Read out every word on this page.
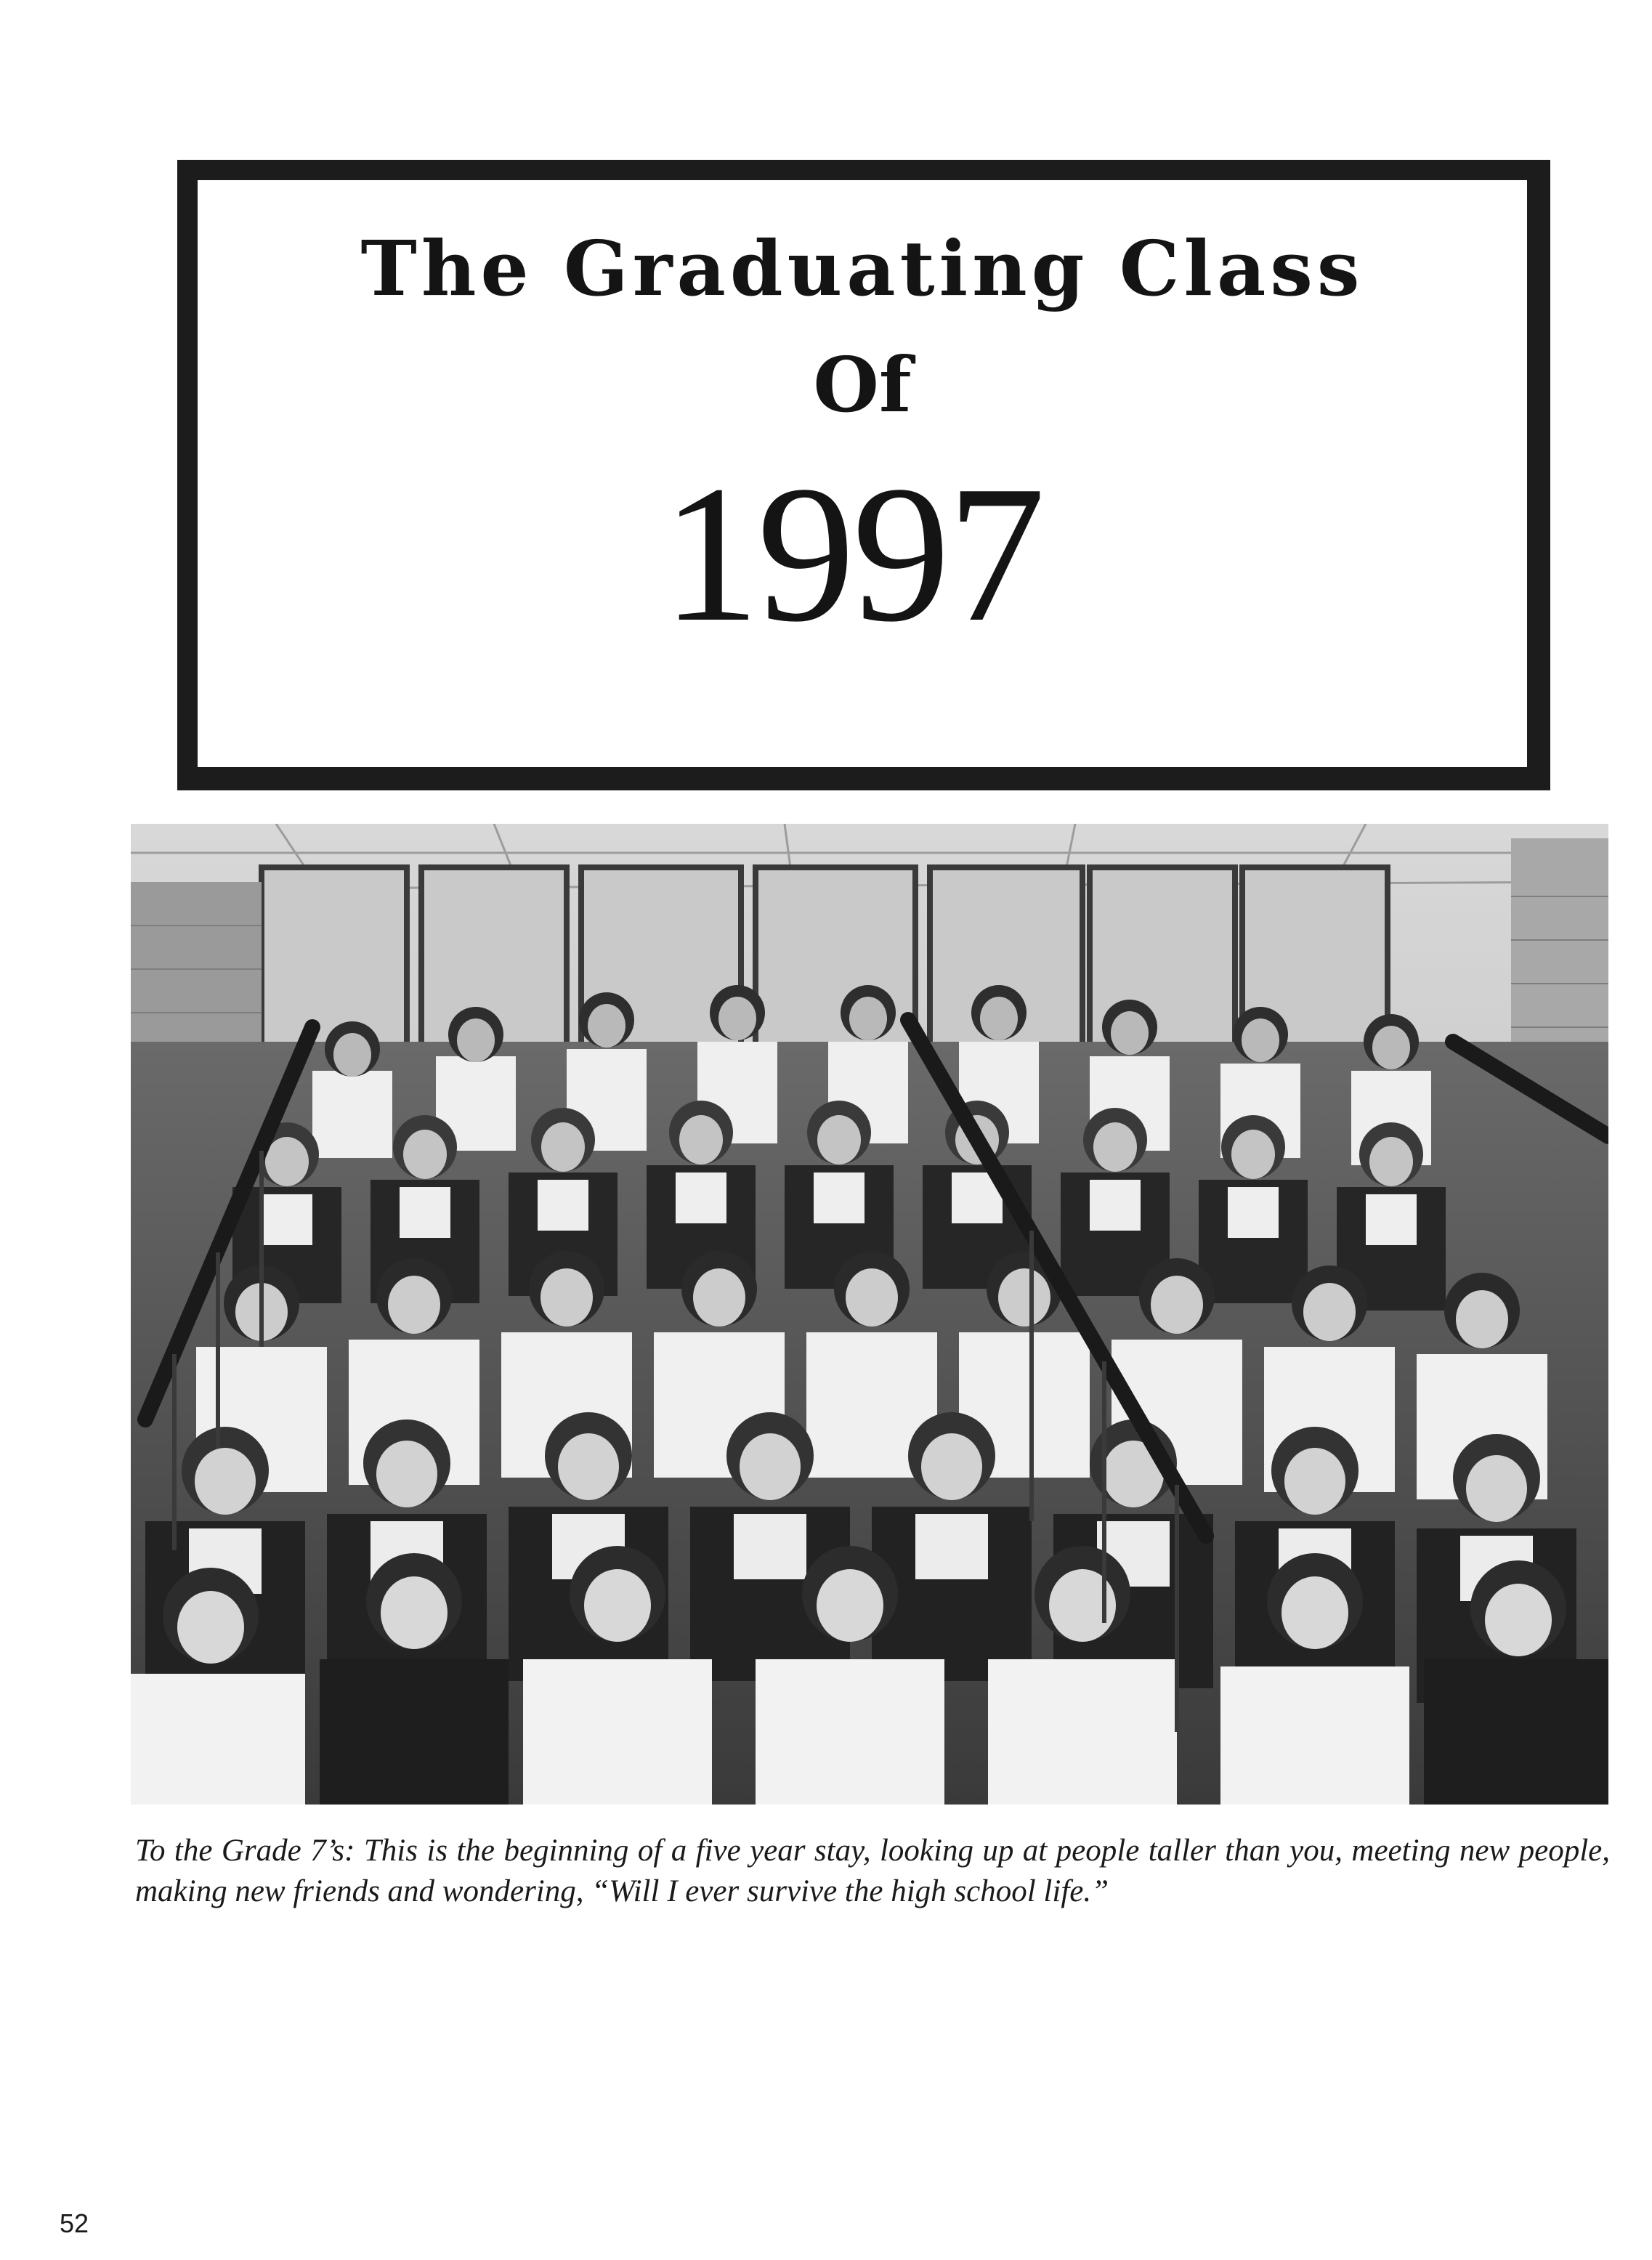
The Graduating Class
Of
1997
To the Grade 7’s: This is the beginning of a five year stay, looking up at people taller than you, meeting new people, making new friends and wondering, “Will I ever survive the high school life.”
52
